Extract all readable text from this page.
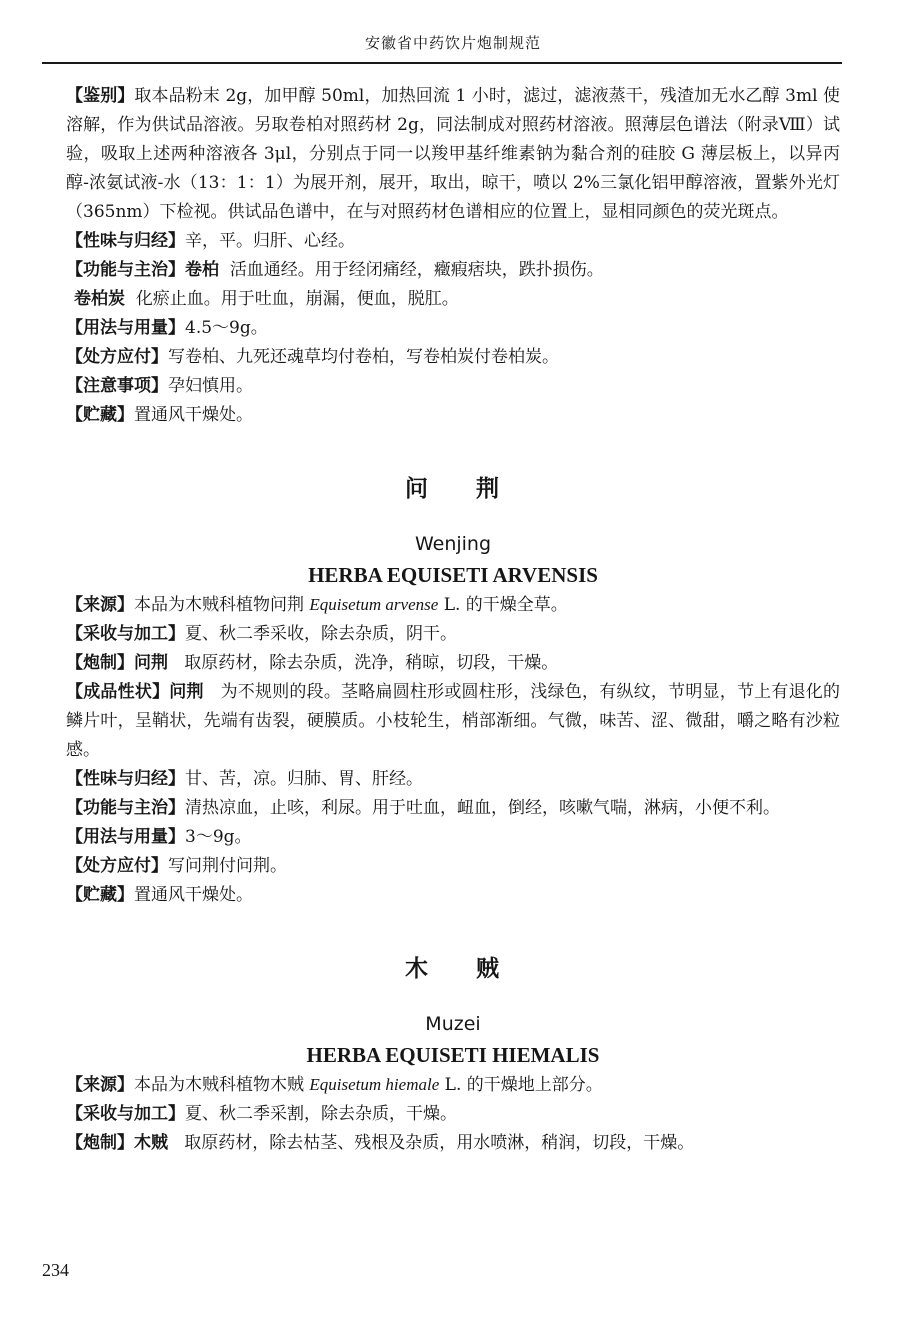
安徽省中药饮片炮制规范

【鉴别】取本品粉末 2g，加甲醇 50ml，加热回流 1 小时，滤过，滤液蒸干，残渣加无水乙醇 3ml 使溶解，作为供试品溶液。另取卷柏对照药材 2g，同法制成对照药材溶液。照薄层色谱法（附录Ⅷ）试验，吸取上述两种溶液各 3μl，分别点于同一以羧甲基纤维素钠为黏合剂的硅胶 G 薄层板上，以异丙醇-浓氨试液-水（13：1：1）为展开剂，展开，取出，晾干，喷以 2%三氯化铝甲醇溶液，置紫外光灯（365nm）下检视。供试品色谱中，在与对照药材色谱相应的位置上，显相同颜色的荧光斑点。

【性味与归经】辛，平。归肝、心经。

【功能与主治】卷柏 活血通经。用于经闭痛经，癥瘕痞块，跌扑损伤。

卷柏炭 化瘀止血。用于吐血，崩漏，便血，脱肛。

【用法与用量】4.5～9g。

【处方应付】写卷柏、九死还魂草均付卷柏，写卷柏炭付卷柏炭。

【注意事项】孕妇慎用。

【贮藏】置通风干燥处。

问 荆
Wenjing
HERBA EQUISETI ARVENSIS

【来源】本品为木贼科植物问荆 Equisetum arvense L. 的干燥全草。

【采收与加工】夏、秋二季采收，除去杂质，阴干。

【炮制】问荆 取原药材，除去杂质，洗净，稍晾，切段，干燥。

【成品性状】问荆 为不规则的段。茎略扁圆柱形或圆柱形，浅绿色，有纵纹，节明显，节上有退化的鳞片叶，呈鞘状，先端有齿裂，硬膜质。小枝轮生，梢部渐细。气微，味苦、涩、微甜，嚼之略有沙粒感。

【性味与归经】甘、苦，凉。归肺、胃、肝经。

【功能与主治】清热凉血，止咳，利尿。用于吐血，衄血，倒经，咳嗽气喘，淋病，小便不利。

【用法与用量】3～9g。

【处方应付】写问荆付问荆。

【贮藏】置通风干燥处。

木 贼
Muzei
HERBA EQUISETI HIEMALIS

【来源】本品为木贼科植物木贼 Equisetum hiemale L. 的干燥地上部分。

【采收与加工】夏、秋二季采割，除去杂质，干燥。

【炮制】木贼 取原药材，除去枯茎、残根及杂质，用水喷淋，稍润，切段，干燥。

234
